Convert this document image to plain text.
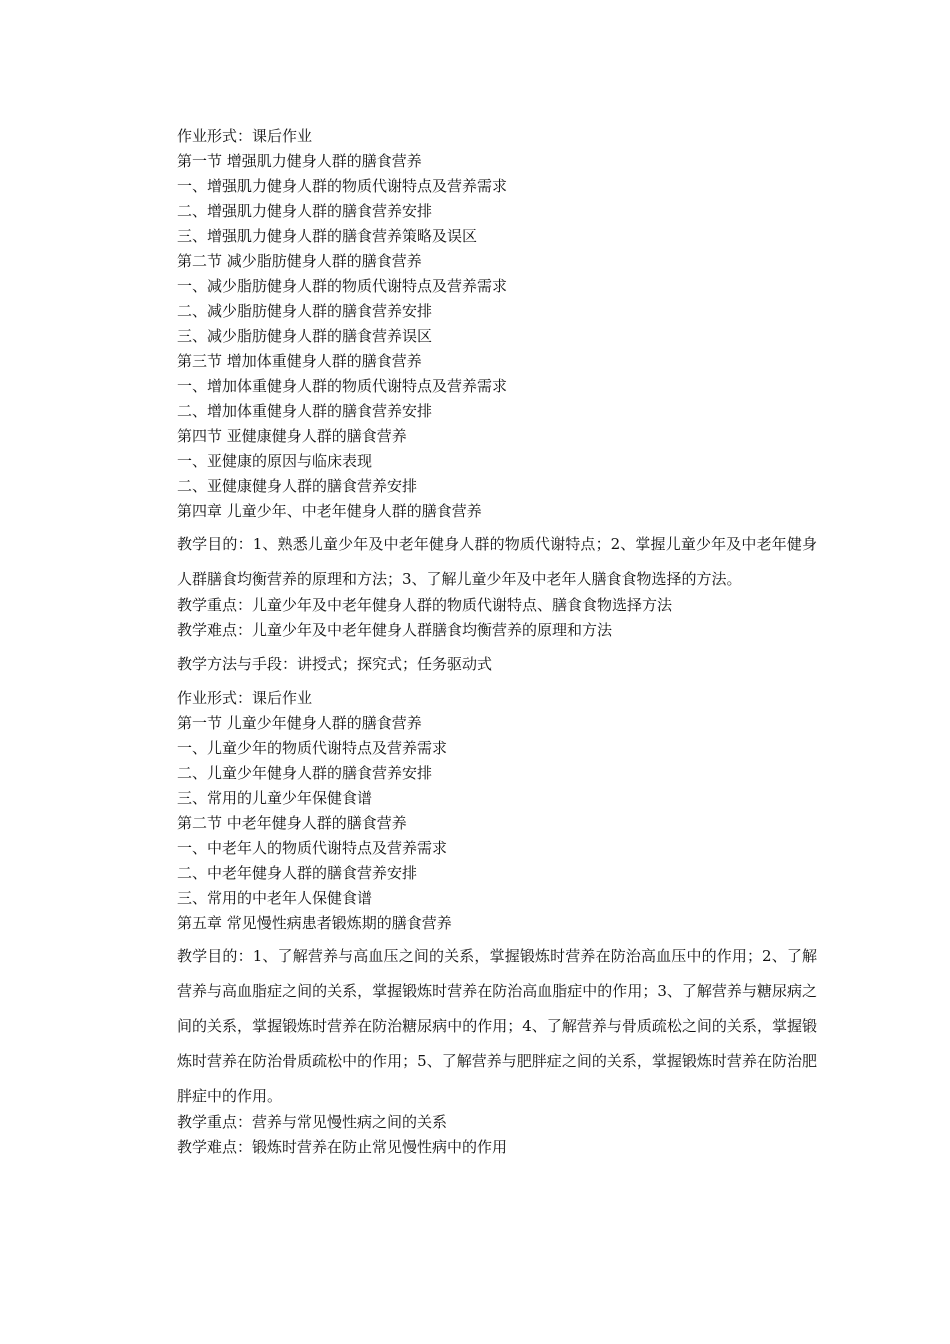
作业形式：课后作业
第一节 增强肌力健身人群的膳食营养
一、增强肌力健身人群的物质代谢特点及营养需求
二、增强肌力健身人群的膳食营养安排
三、增强肌力健身人群的膳食营养策略及误区
第二节 减少脂肪健身人群的膳食营养
一、减少脂肪健身人群的物质代谢特点及营养需求
二、减少脂肪健身人群的膳食营养安排
三、减少脂肪健身人群的膳食营养误区
第三节 增加体重健身人群的膳食营养
一、增加体重健身人群的物质代谢特点及营养需求
二、增加体重健身人群的膳食营养安排
第四节 亚健康健身人群的膳食营养
一、亚健康的原因与临床表现
二、亚健康健身人群的膳食营养安排
第四章 儿童少年、中老年健身人群的膳食营养
教学目的：1、熟悉儿童少年及中老年健身人群的物质代谢特点；2、掌握儿童少年及中老年健身人群膳食均衡营养的原理和方法；3、了解儿童少年及中老年人膳食食物选择的方法。
教学重点：儿童少年及中老年健身人群的物质代谢特点、膳食食物选择方法
教学难点：儿童少年及中老年健身人群膳食均衡营养的原理和方法
教学方法与手段：讲授式；探究式；任务驱动式
作业形式：课后作业
第一节 儿童少年健身人群的膳食营养
一、儿童少年的物质代谢特点及营养需求
二、儿童少年健身人群的膳食营养安排
三、常用的儿童少年保健食谱
第二节 中老年健身人群的膳食营养
一、中老年人的物质代谢特点及营养需求
二、中老年健身人群的膳食营养安排
三、常用的中老年人保健食谱
第五章 常见慢性病患者锻炼期的膳食营养
教学目的：1、了解营养与高血压之间的关系，掌握锻炼时营养在防治高血压中的作用；2、了解营养与高血脂症之间的关系，掌握锻炼时营养在防治高血脂症中的作用；3、了解营养与糖尿病之间的关系，掌握锻炼时营养在防治糖尿病中的作用；4、了解营养与骨质疏松之间的关系，掌握锻炼时营养在防治骨质疏松中的作用；5、了解营养与肥胖症之间的关系，掌握锻炼时营养在防治肥胖症中的作用。
教学重点：营养与常见慢性病之间的关系
教学难点：锻炼时营养在防止常见慢性病中的作用
